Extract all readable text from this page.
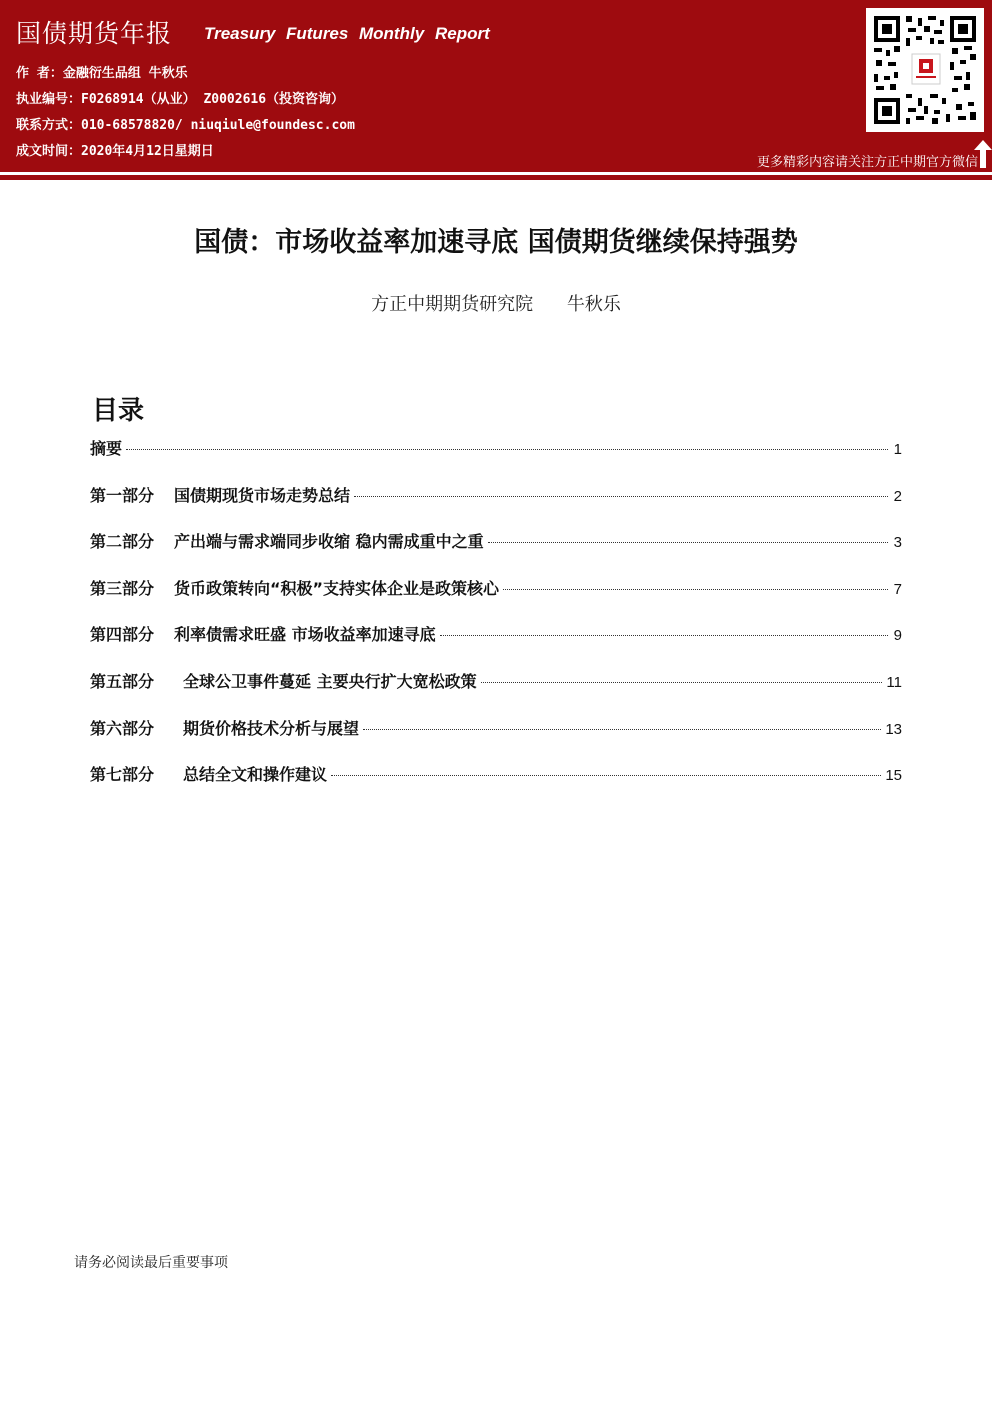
国债期货年报 Treasury Futures Monthly Report
作 者：金融衍生品组 牛秋乐
执业编号：F0268914（从业） Z0002616（投资咨询）
联系方式：010-68578820/ niuqiule@foundesc.com
成文时间：2020年4月12日星期日
更多精彩内容请关注方正中期官方微信
国债：市场收益率加速寻底 国债期货继续保持强势
方正中期期货研究院 牛秋乐
目录
摘要	1
第一部分 国债期现货市场走势总结	2
第二部分 产出端与需求端同步收缩 稳内需成重中之重	3
第三部分 货币政策转向“积极”支持实体企业是政策核心	7
第四部分 利率债需求旺盛 市场收益率加速寻底	9
第五部分 全球公卫事件蔓延 主要央行扩大宽松政策	11
第六部分 期货价格技术分析与展望	13
第七部分 总结全文和操作建议	15
请务必阅读最后重要事项
